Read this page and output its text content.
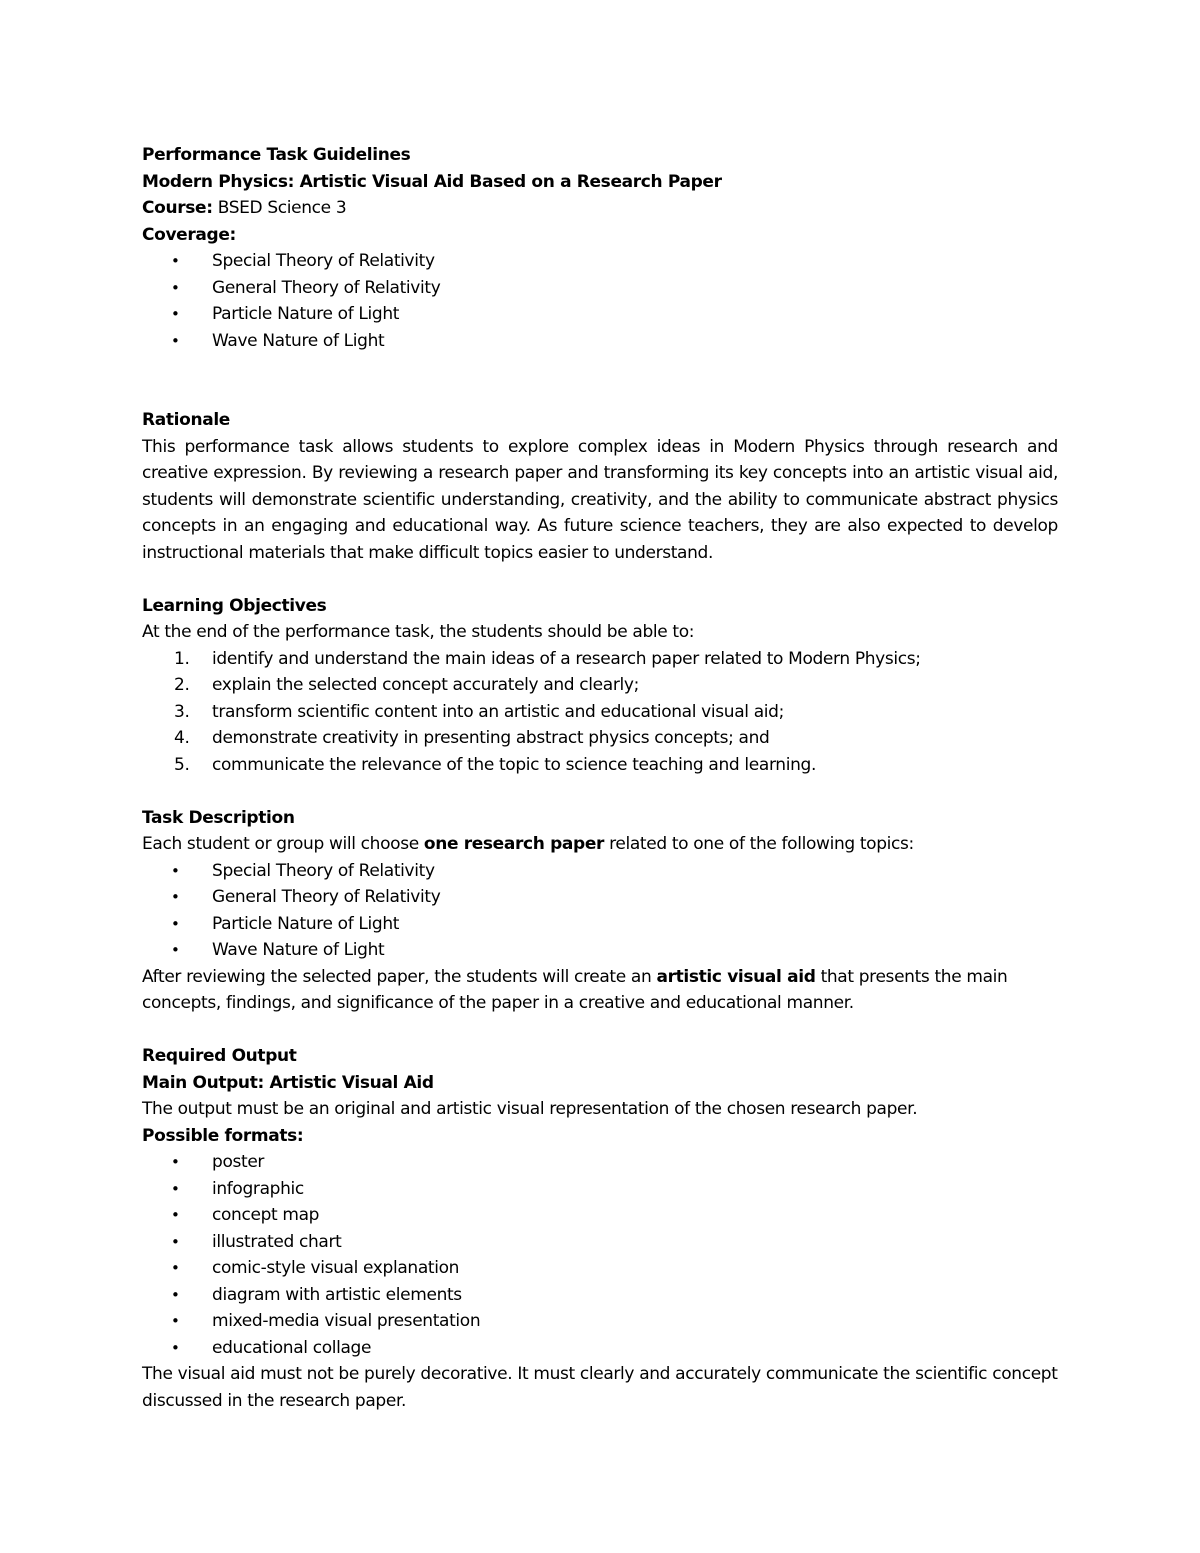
Performance Task Guidelines

Modern Physics: Artistic Visual Aid Based on a Research Paper

Course: BSED Science 3

Coverage:

• Special Theory of Relativity
• General Theory of Relativity
• Particle Nature of Light
• Wave Nature of Light

Rationale

This performance task allows students to explore complex ideas in Modern Physics through research and creative expression. By reviewing a research paper and transforming its key concepts into an artistic visual aid, students will demonstrate scientific understanding, creativity, and the ability to communicate abstract physics concepts in an engaging and educational way. As future science teachers, they are also expected to develop instructional materials that make difficult topics easier to understand.

Learning Objectives

At the end of the performance task, the students should be able to:

1. identify and understand the main ideas of a research paper related to Modern Physics;
2. explain the selected concept accurately and clearly;
3. transform scientific content into an artistic and educational visual aid;
4. demonstrate creativity in presenting abstract physics concepts; and
5. communicate the relevance of the topic to science teaching and learning.

Task Description

Each student or group will choose one research paper related to one of the following topics:

• Special Theory of Relativity
• General Theory of Relativity
• Particle Nature of Light
• Wave Nature of Light

After reviewing the selected paper, the students will create an artistic visual aid that presents the main concepts, findings, and significance of the paper in a creative and educational manner.

Required Output

Main Output: Artistic Visual Aid

The output must be an original and artistic visual representation of the chosen research paper.

Possible formats:

• poster
• infographic
• concept map
• illustrated chart
• comic-style visual explanation
• diagram with artistic elements
• mixed-media visual presentation
• educational collage

The visual aid must not be purely decorative. It must clearly and accurately communicate the scientific concept discussed in the research paper.
